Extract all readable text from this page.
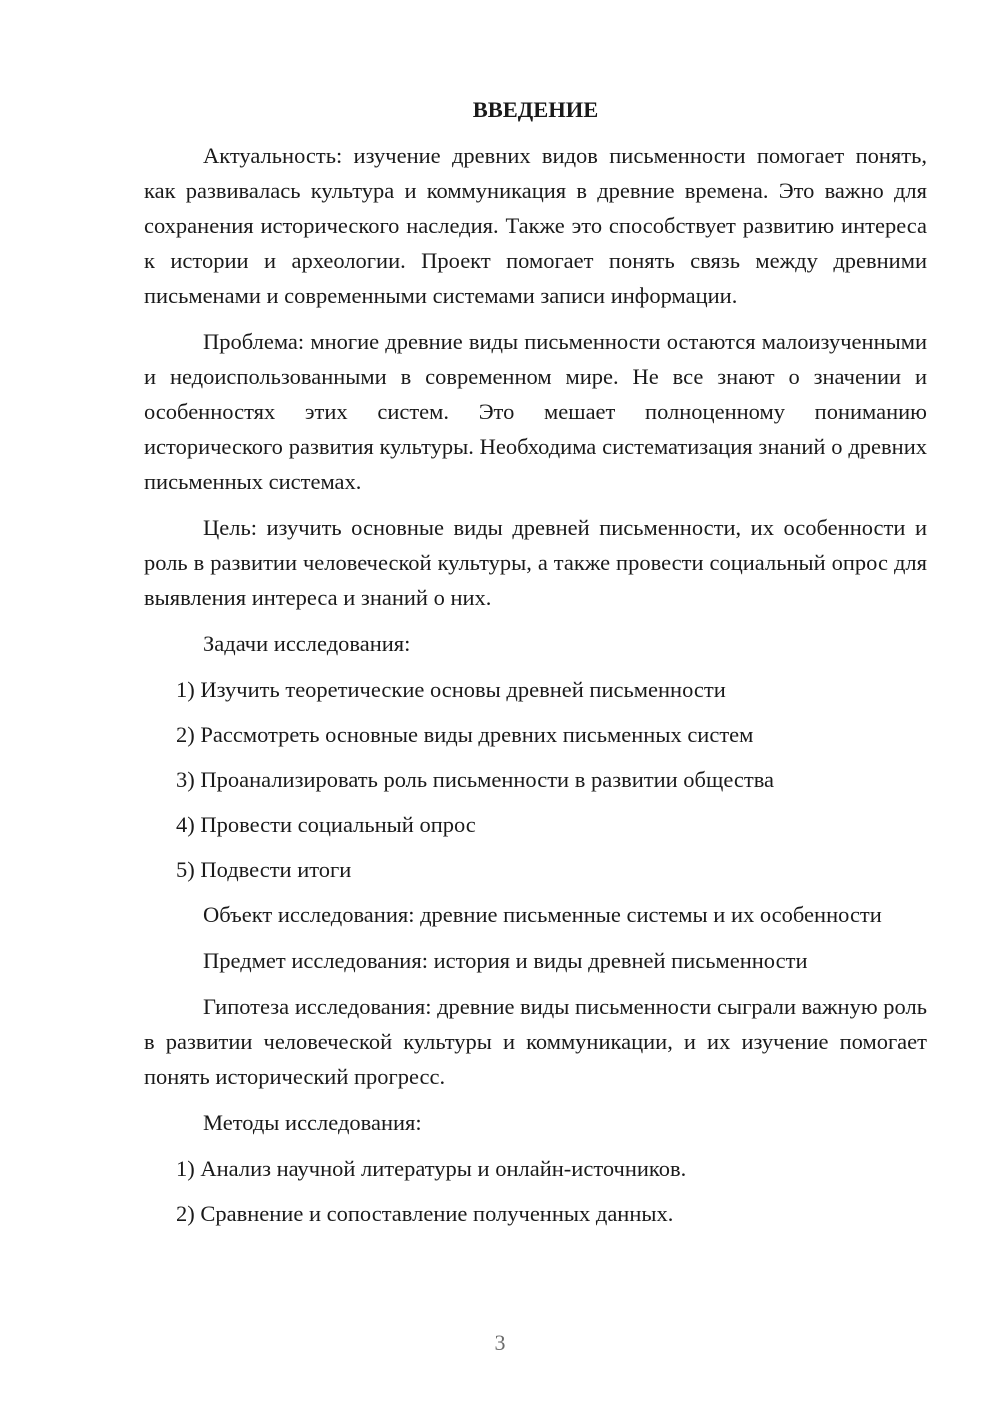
ВВЕДЕНИЕ

Актуальность: изучение древних видов письменности помогает понять, как развивалась культура и коммуникация в древние времена. Это важно для сохранения исторического наследия. Также это способствует развитию интереса к истории и археологии. Проект помогает понять связь между древними письменами и современными системами записи информации.

Проблема: многие древние виды письменности остаются малоизученными и недоиспользованными в современном мире. Не все знают о значении и особенностях этих систем. Это мешает полноценному пониманию исторического развития культуры. Необходима систематизация знаний о древних письменных системах.

Цель: изучить основные виды древней письменности, их особенности и роль в развитии человеческой культуры, а также провести социальный опрос для выявления интереса и знаний о них.

Задачи исследования:

1) Изучить теоретические основы древней письменности
2) Рассмотреть основные виды древних письменных систем
3) Проанализировать роль письменности в развитии общества
4) Провести социальный опрос
5) Подвести итоги

Объект исследования: древние письменные системы и их особенности

Предмет исследования: история и виды древней письменности

Гипотеза исследования: древние виды письменности сыграли важную роль в развитии человеческой культуры и коммуникации, и их изучение помогает понять исторический прогресс.

Методы исследования:

1) Анализ научной литературы и онлайн-источников.
2) Сравнение и сопоставление полученных данных.
3
